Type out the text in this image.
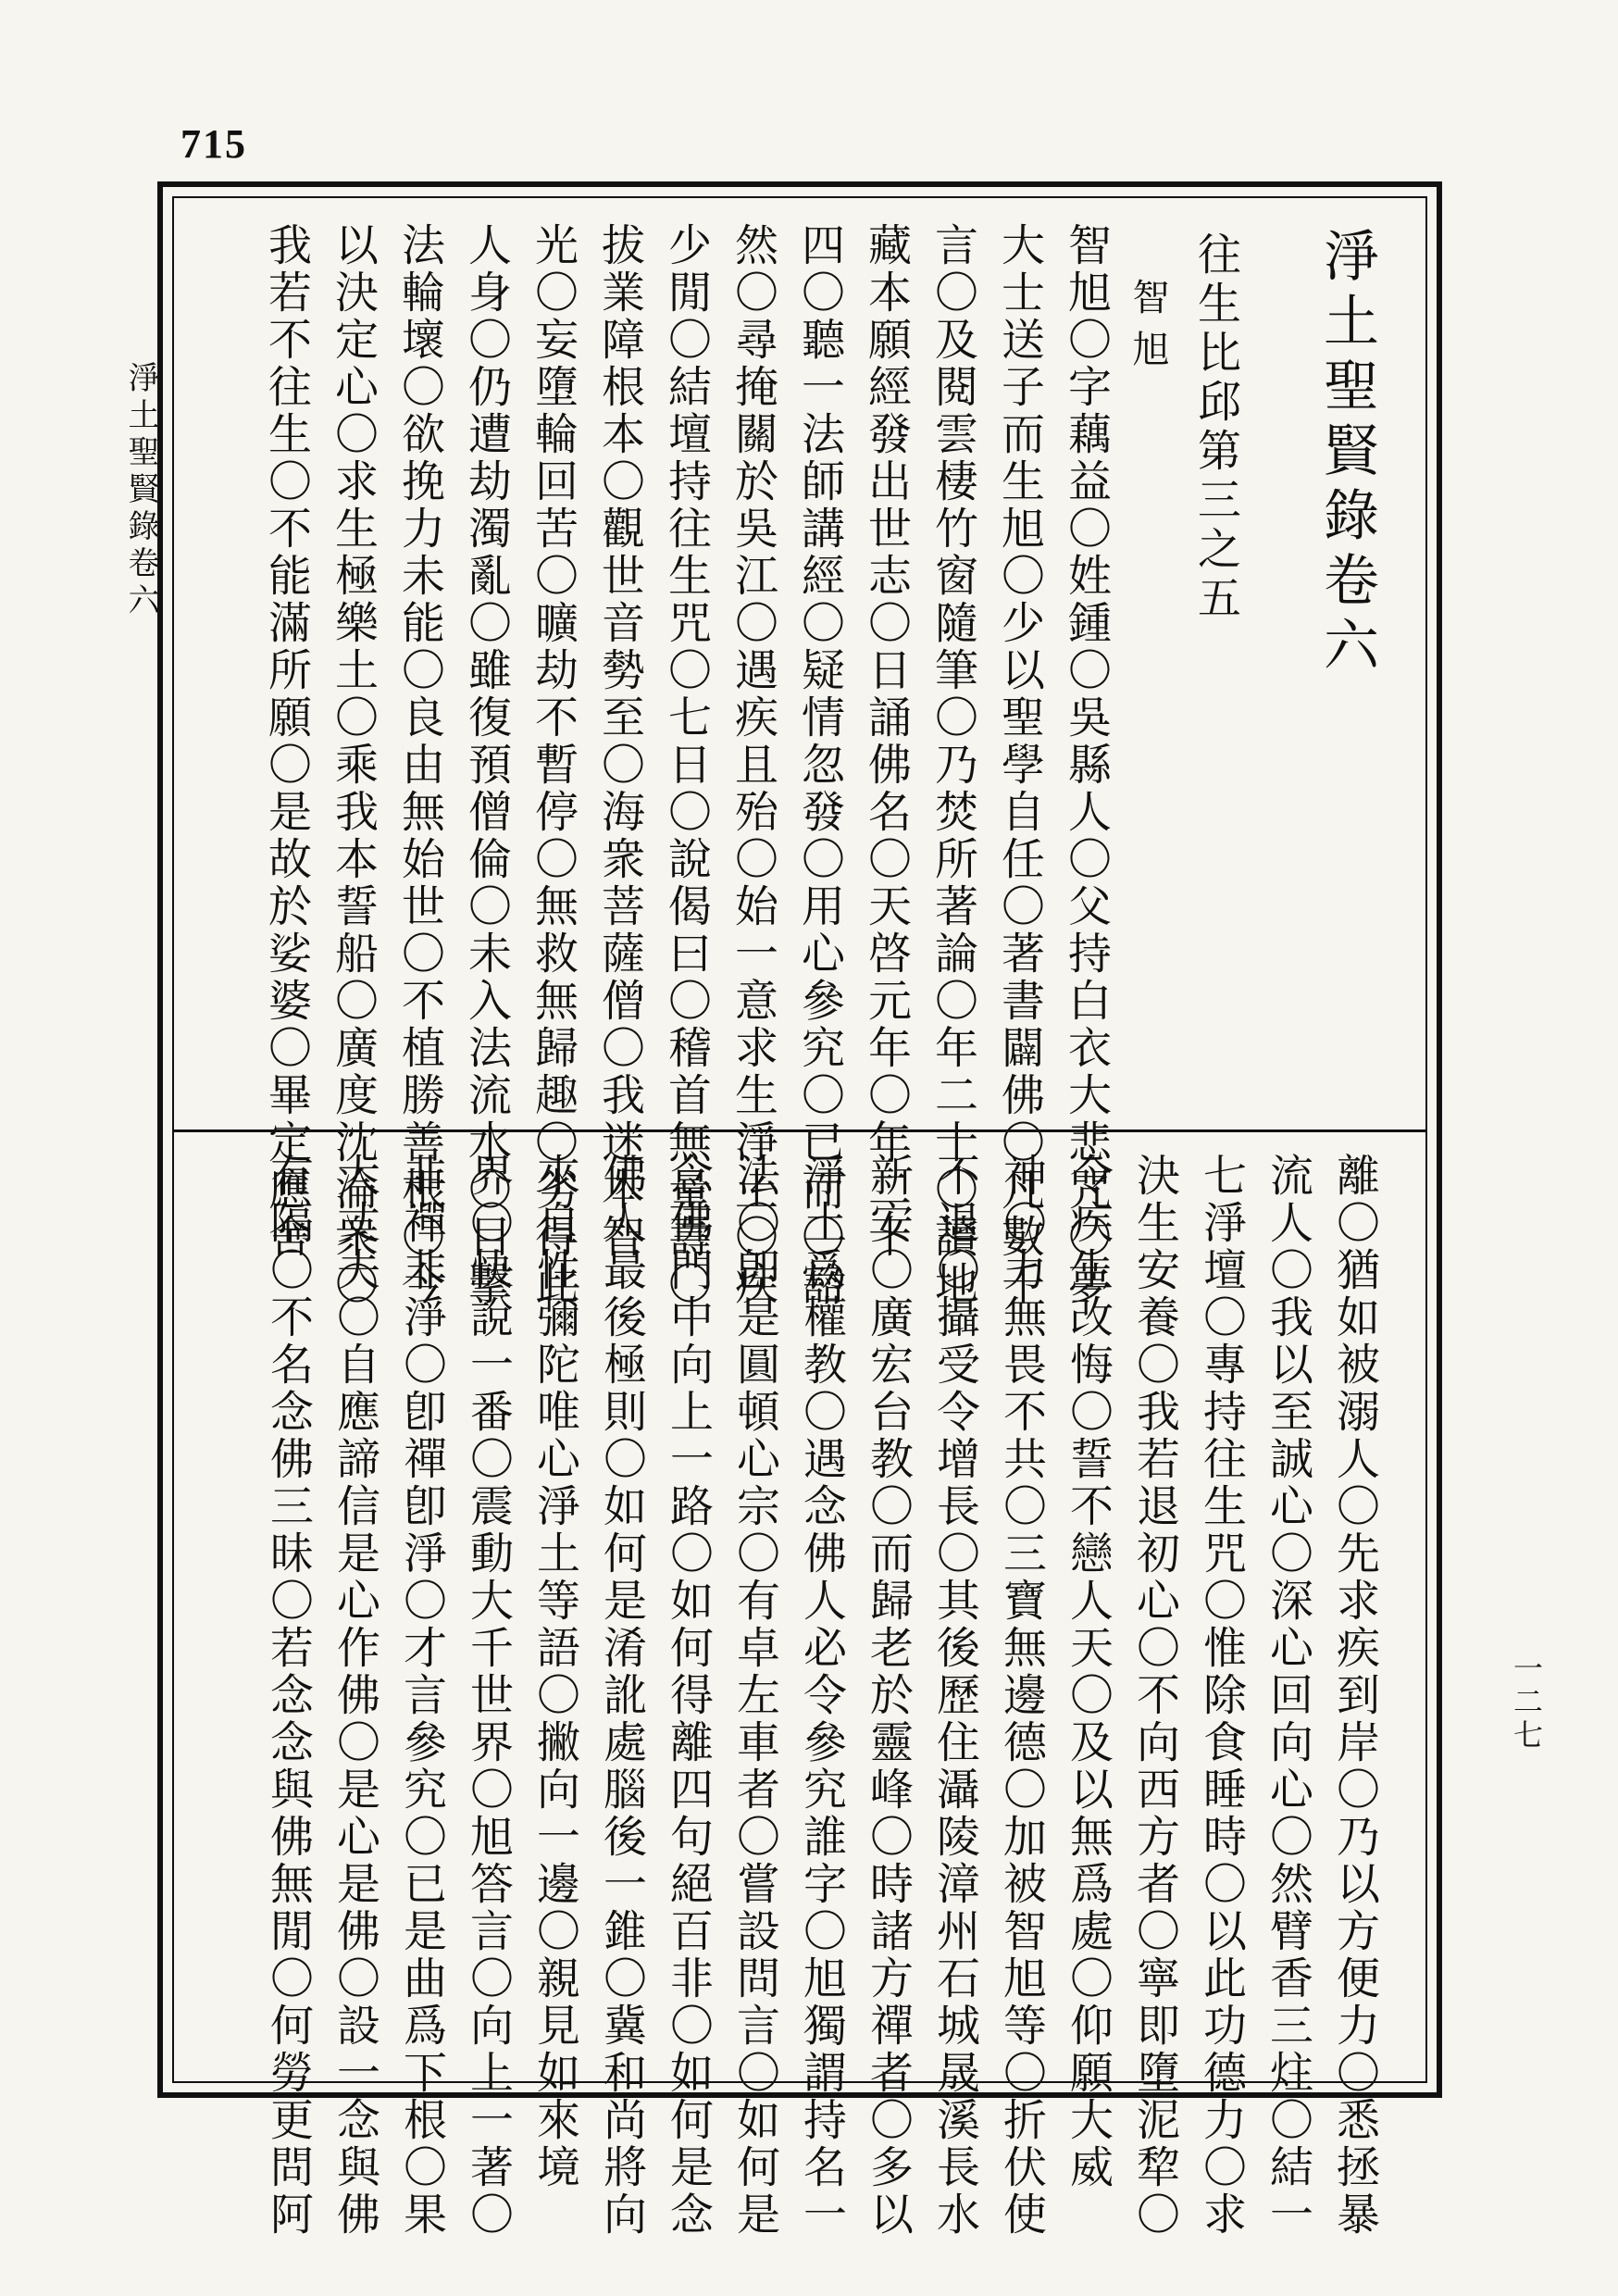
715
淨土聖賢錄卷六
一二七
淨土聖賢錄卷六
往生比邱第三之五
智旭
智旭〇字藕益〇姓鍾〇吳縣人〇父持白衣大悲咒〇夢
大士送子而生旭〇少以聖學自任〇著書闢佛〇凡數千
言〇及閱雲棲竹窗隨筆〇乃焚所著論〇年二十〇讀地
藏本願經發出世志〇日誦佛名〇天啓元年〇年二十
四〇聽一法師講經〇疑情忽發〇用心參究〇已而〇豁
然〇尋掩關於吳江〇遇疾且殆〇始一意求生淨土〇疾
少閒〇結壇持往生咒〇七日〇說偈曰〇稽首無量壽〇
拔業障根本〇觀世音勢至〇海衆菩薩僧〇我迷本智
光〇妄墮輪回苦〇曠劫不暫停〇無救無歸趣〇劣得此
人身〇仍遭劫濁亂〇雖復預僧倫〇未入法流水〇目擊
法輪壞〇欲挽力未能〇良由無始世〇不植勝善根〇今
以決定心〇求生極樂土〇乘我本誓船〇廣度沈淪衆〇
我若不往生〇不能滿所願〇是故於娑婆〇畢定應舍
離〇猶如被溺人〇先求疾到岸〇乃以方便力〇悉拯暴
流人〇我以至誠心〇深心回向心〇然臂香三炷〇結一
七淨壇〇專持往生咒〇惟除食睡時〇以此功德力〇求
決生安養〇我若退初心〇不向西方者〇寧即墮泥犂〇
令疾生改悔〇誓不戀人天〇及以無爲處〇仰願大威
神〇力無畏不共〇三寶無邊德〇加被智旭等〇折伏使
不退〇攝受令增長〇其後歷住灄陵漳州石城晟溪長水
新安〇廣宏台教〇而歸老於靈峰〇時諸方禪者〇多以
淨土爲權教〇遇念佛人必令參究誰字〇旭獨謂持名一
法〇卽是圓頓心宗〇有卓左車者〇嘗設問言〇如何是
念佛門中向上一路〇如何得離四句絕百非〇如何是念
佛人最後極則〇如何是淆訛處腦後一錐〇冀和尚將向
來自性彌陀唯心淨土等語〇撇向一邊〇親見如來境
界〇快說一番〇震動大千世界〇旭答言〇向上一著〇
非禪非淨〇卽禪卽淨〇才言參究〇已是曲爲下根〇果
大丈夫〇自應諦信是心作佛〇是心是佛〇設一念與佛
有隔〇不名念佛三昧〇若念念與佛無閒〇何勞更問阿
